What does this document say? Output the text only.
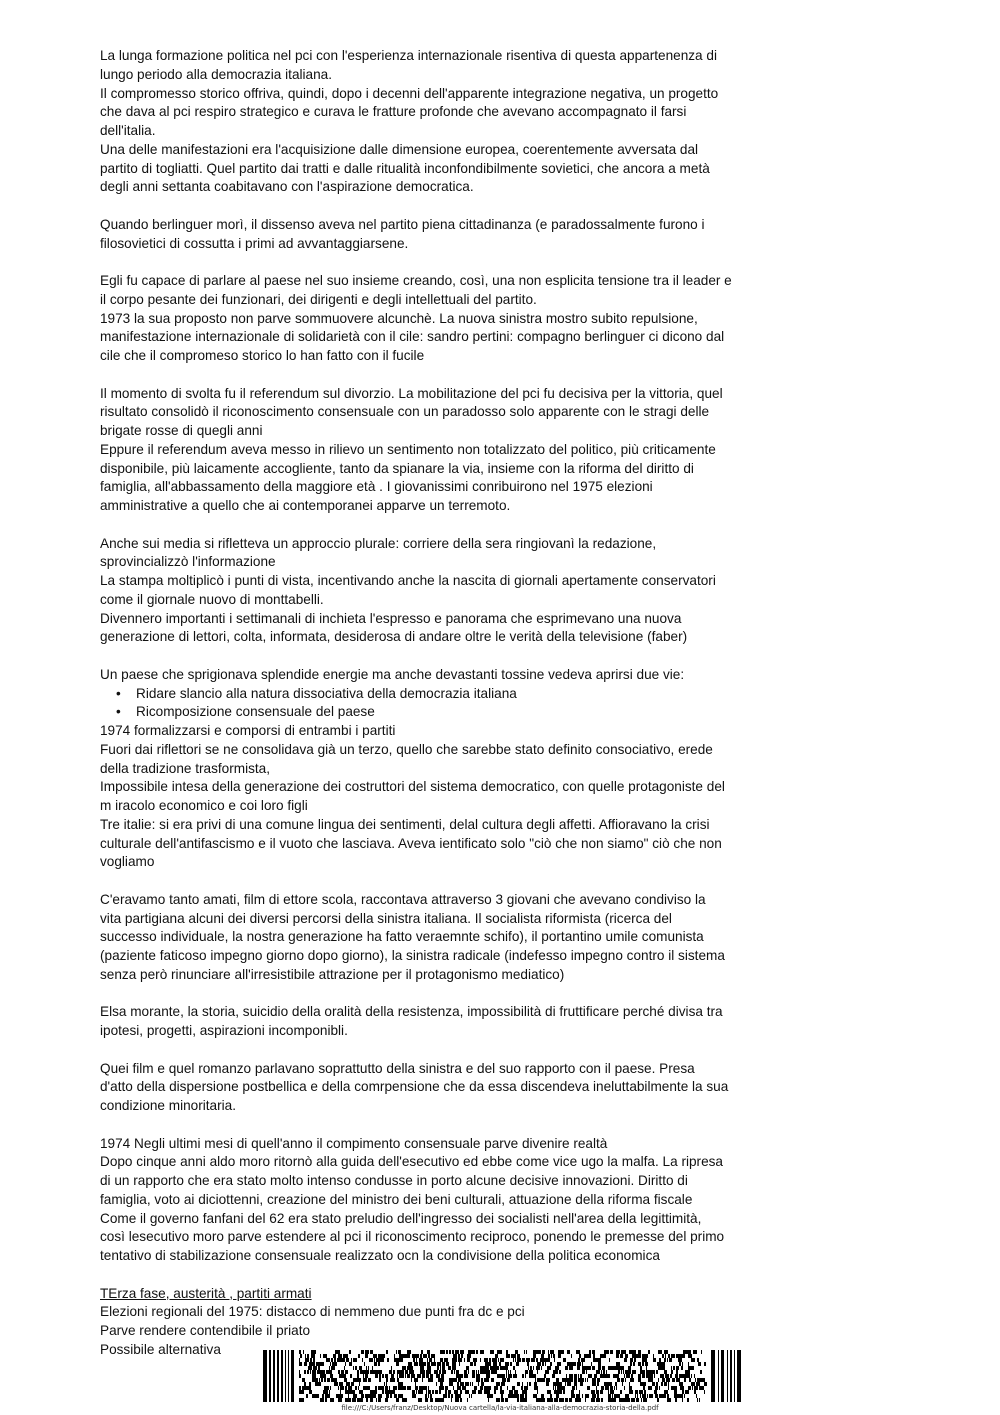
La lunga formazione politica nel pci con l'esperienza internazionale risentiva di questa appartenenza di
lungo periodo alla democrazia italiana.
Il compromesso storico offriva, quindi, dopo i decenni dell'apparente integrazione negativa, un progetto
che dava al pci respiro strategico e curava le fratture profonde che avevano accompagnato il farsi
dell'italia.
Una delle manifestazioni era l'acquisizione dalle dimensione europea, coerentemente avversata dal
partito di togliatti. Quel partito dai tratti e dalle ritualità inconfondibilmente sovietici, che ancora a metà
degli anni settanta coabitavano con l'aspirazione democratica.
Quando berlinguer morì, il dissenso aveva nel partito piena cittadinanza (e paradossalmente furono i
filosovietici di cossutta i primi ad avvantaggiarsene.
Egli fu capace di parlare al paese nel suo insieme creando, così, una non esplicita tensione tra il leader e
il corpo pesante dei funzionari, dei dirigenti e degli intellettuali del partito.
1973 la sua proposto non parve sommuovere alcunchè. La nuova sinistra mostro subito repulsione,
manifestazione internazionale di solidarietà con il cile: sandro pertini: compagno berlinguer ci dicono dal
cile che il compromeso storico lo han fatto con il fucile
Il momento di svolta fu il referendum sul divorzio. La mobilitazione del pci fu decisiva per la vittoria, quel
risultato consolidò il riconoscimento consensuale con un paradosso solo apparente con le stragi delle
brigate rosse di quegli anni
Eppure il referendum aveva messo in rilievo un sentimento non totalizzato del politico, più criticamente
disponibile, più laicamente accogliente, tanto da spianare la via, insieme con la riforma del diritto di
famiglia, all'abbassamento della maggiore età . I giovanissimi conribuirono nel 1975 elezioni
amministrative a quello che ai contemporanei apparve un terremoto.
Anche sui media si rifletteva un approccio plurale: corriere della sera ringiovanì la redazione,
sprovincializzò l'informazione
La stampa moltiplicò i punti di vista, incentivando anche la nascita di giornali apertamente conservatori
come il giornale nuovo di monttabelli.
Divennero importanti i settimanali di inchieta l'espresso e panorama che esprimevano una nuova
generazione di lettori, colta, informata, desiderosa di andare oltre le verità della televisione (faber)
Un paese che sprigionava splendide energie ma anche devastanti tossine vedeva aprirsi due vie:
• Ridare slancio alla natura dissociativa della democrazia italiana
• Ricomposizione consensuale del paese
1974 formalizzarsi e comporsi di entrambi i partiti
Fuori dai riflettori se ne consolidava già un terzo, quello che sarebbe stato definito consociativo, erede
della tradizione trasformista,
Impossibile intesa della generazione dei costruttori del sistema democratico, con quelle protagoniste del
m iracolo economico e coi loro figli
Tre italie: si era privi di una comune lingua dei sentimenti, delal cultura degli affetti. Affioravano la crisi
culturale dell'antifascismo e il vuoto che lasciava. Aveva ientificato solo "ciò che non siamo" ciò che non
vogliamo
C'eravamo tanto amati, film di ettore scola, raccontava attraverso 3 giovani che avevano condiviso la
vita partigiana alcuni dei diversi percorsi della sinistra italiana. Il socialista riformista (ricerca del
successo individuale, la nostra generazione ha fatto veraemnte schifo), il portantino umile comunista
(paziente faticoso impegno giorno dopo giorno), la sinistra radicale (indefesso impegno contro il sistema
senza però rinunciare all'irresistibile attrazione per il protagonismo mediatico)
Elsa morante, la storia, suicidio della oralità della resistenza, impossibilità di fruttificare perché divisa tra
ipotesi, progetti, aspirazioni incomponibli.
Quei film e quel romanzo parlavano soprattutto della sinistra e del suo rapporto con il paese. Presa
d'atto della dispersione postbellica e della comrpensione che da essa discendeva ineluttabilmente la sua
condizione minoritaria.
1974 Negli ultimi mesi di quell'anno il compimento consensuale parve divenire realtà
Dopo cinque anni aldo moro ritornò alla guida dell'esecutivo ed ebbe come vice ugo la malfa. La ripresa
di un rapporto che era stato molto intenso condusse in porto alcune decisive innovazioni. Diritto di
famiglia, voto ai diciottenni, creazione del ministro dei beni culturali, attuazione della riforma fiscale
Come il governo fanfani del 62 era stato preludio dell'ingresso dei socialisti nell'area della legittimità,
così lesecutivo moro parve estendere al pci il riconoscimento reciproco, ponendo le premesse del primo
tentativo di stabilizazione consensuale realizzato ocn la condivisione della politica economica
TErza fase, austerità , partiti armati
Elezioni regionali del 1975: distacco di nemmeno due punti fra dc e pci
Parve rendere contendibile il priato
Possibile alternativa
file:///C:/Users/franz/Desktop/Nuova cartella/la-via-italiana-alla-democrazia-storia-della.pdf
